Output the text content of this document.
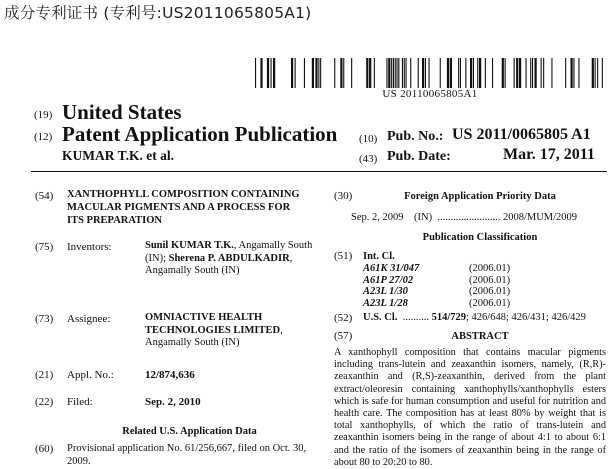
成分专利证书 (专利号:US2011065805A1)
US 20110065805A1
(19) United States
(12) Patent Application Publication
KUMAR T.K. et al.
(10) Pub. No.: US 2011/0065805 A1
(43) Pub. Date:	Mar. 17, 2011
(54) XANTHOPHYLL COMPOSITION CONTAINING MACULAR PIGMENTS AND A PROCESS FOR ITS PREPARATION
(75) Inventors:	Sunil KUMAR T.K., Angamally South (IN); Sherena P. ABDULKADIR, Angamally South (IN)
(73) Assignee:	OMNIACTIVE HEALTH TECHNOLOGIES LIMITED, Angamally South (IN)
(21) Appl. No.:	12/874,636
(22) Filed:	Sep. 2, 2010
Related U.S. Application Data
(60) Provisional application No. 61/256,667, filed on Oct. 30, 2009.
(30)	Foreign Application Priority Data
Sep. 2, 2009 (IN) ........................ 2008/MUM/2009
Publication Classification
(51) Int. Cl.
A61K 31/047	(2006.01)
A61P 27/02	(2006.01)
A23L 1/30	(2006.01)
A23L 1/28	(2006.01)
(52) U.S. Cl. .......... 514/729; 426/648; 426/431; 426/429
(57)	ABSTRACT
A xanthophyll composition that contains macular pigments including trans-lutein and zeaxanthin isomers, namely, (R,R)-zeaxanthin and (R,S)-zeaxanthin, derived from the plant extract/oleoresin containing xanthophylls/xanthophylls esters which is safe for human consumption and useful for nutrition and health care. The composition has at least 80% by weight that is total xanthophylls, of which the ratio of trans-lutein and zeaxanthin isomers being in the range of about 4:1 to about 6:1 and the ratio of the isomers of zeaxanthin being in the range of about 80 to 20:20 to 80.
